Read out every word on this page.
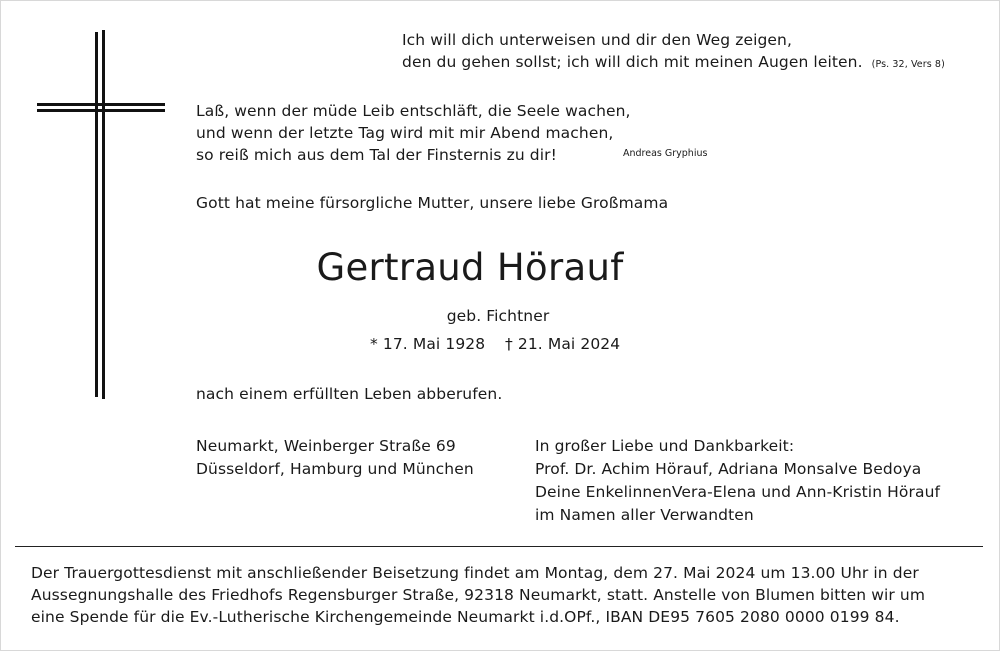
Ich will dich unterweisen und dir den Weg zeigen,
den du gehen sollst; ich will dich mit meinen Augen leiten. (Ps. 32, Vers 8)
Laß, wenn der müde Leib entschläft, die Seele wachen,
und wenn der letzte Tag wird mit mir Abend machen,
so reiß mich aus dem Tal der Finsternis zu dir!	Andreas Gryphius
Gott hat meine fürsorgliche Mutter, unsere liebe Großmama
Gertraud Hörauf
geb. Fichtner
* 17. Mai 1928 † 21. Mai 2024
nach einem erfüllten Leben abberufen.
Neumarkt, Weinberger Straße 69
Düsseldorf, Hamburg und München
In großer Liebe und Dankbarkeit:
Prof. Dr. Achim Hörauf, Adriana Monsalve Bedoya
Deine EnkelinnenVera-Elena und Ann-Kristin Hörauf
im Namen aller Verwandten
Der Trauergottesdienst mit anschließender Beisetzung findet am Montag, dem 27. Mai 2024 um 13.00 Uhr in der
Aussegnungshalle des Friedhofs Regensburger Straße, 92318 Neumarkt, statt. Anstelle von Blumen bitten wir um
eine Spende für die Ev.-Lutherische Kirchengemeinde Neumarkt i.d.OPf., IBAN DE95 7605 2080 0000 0199 84.
